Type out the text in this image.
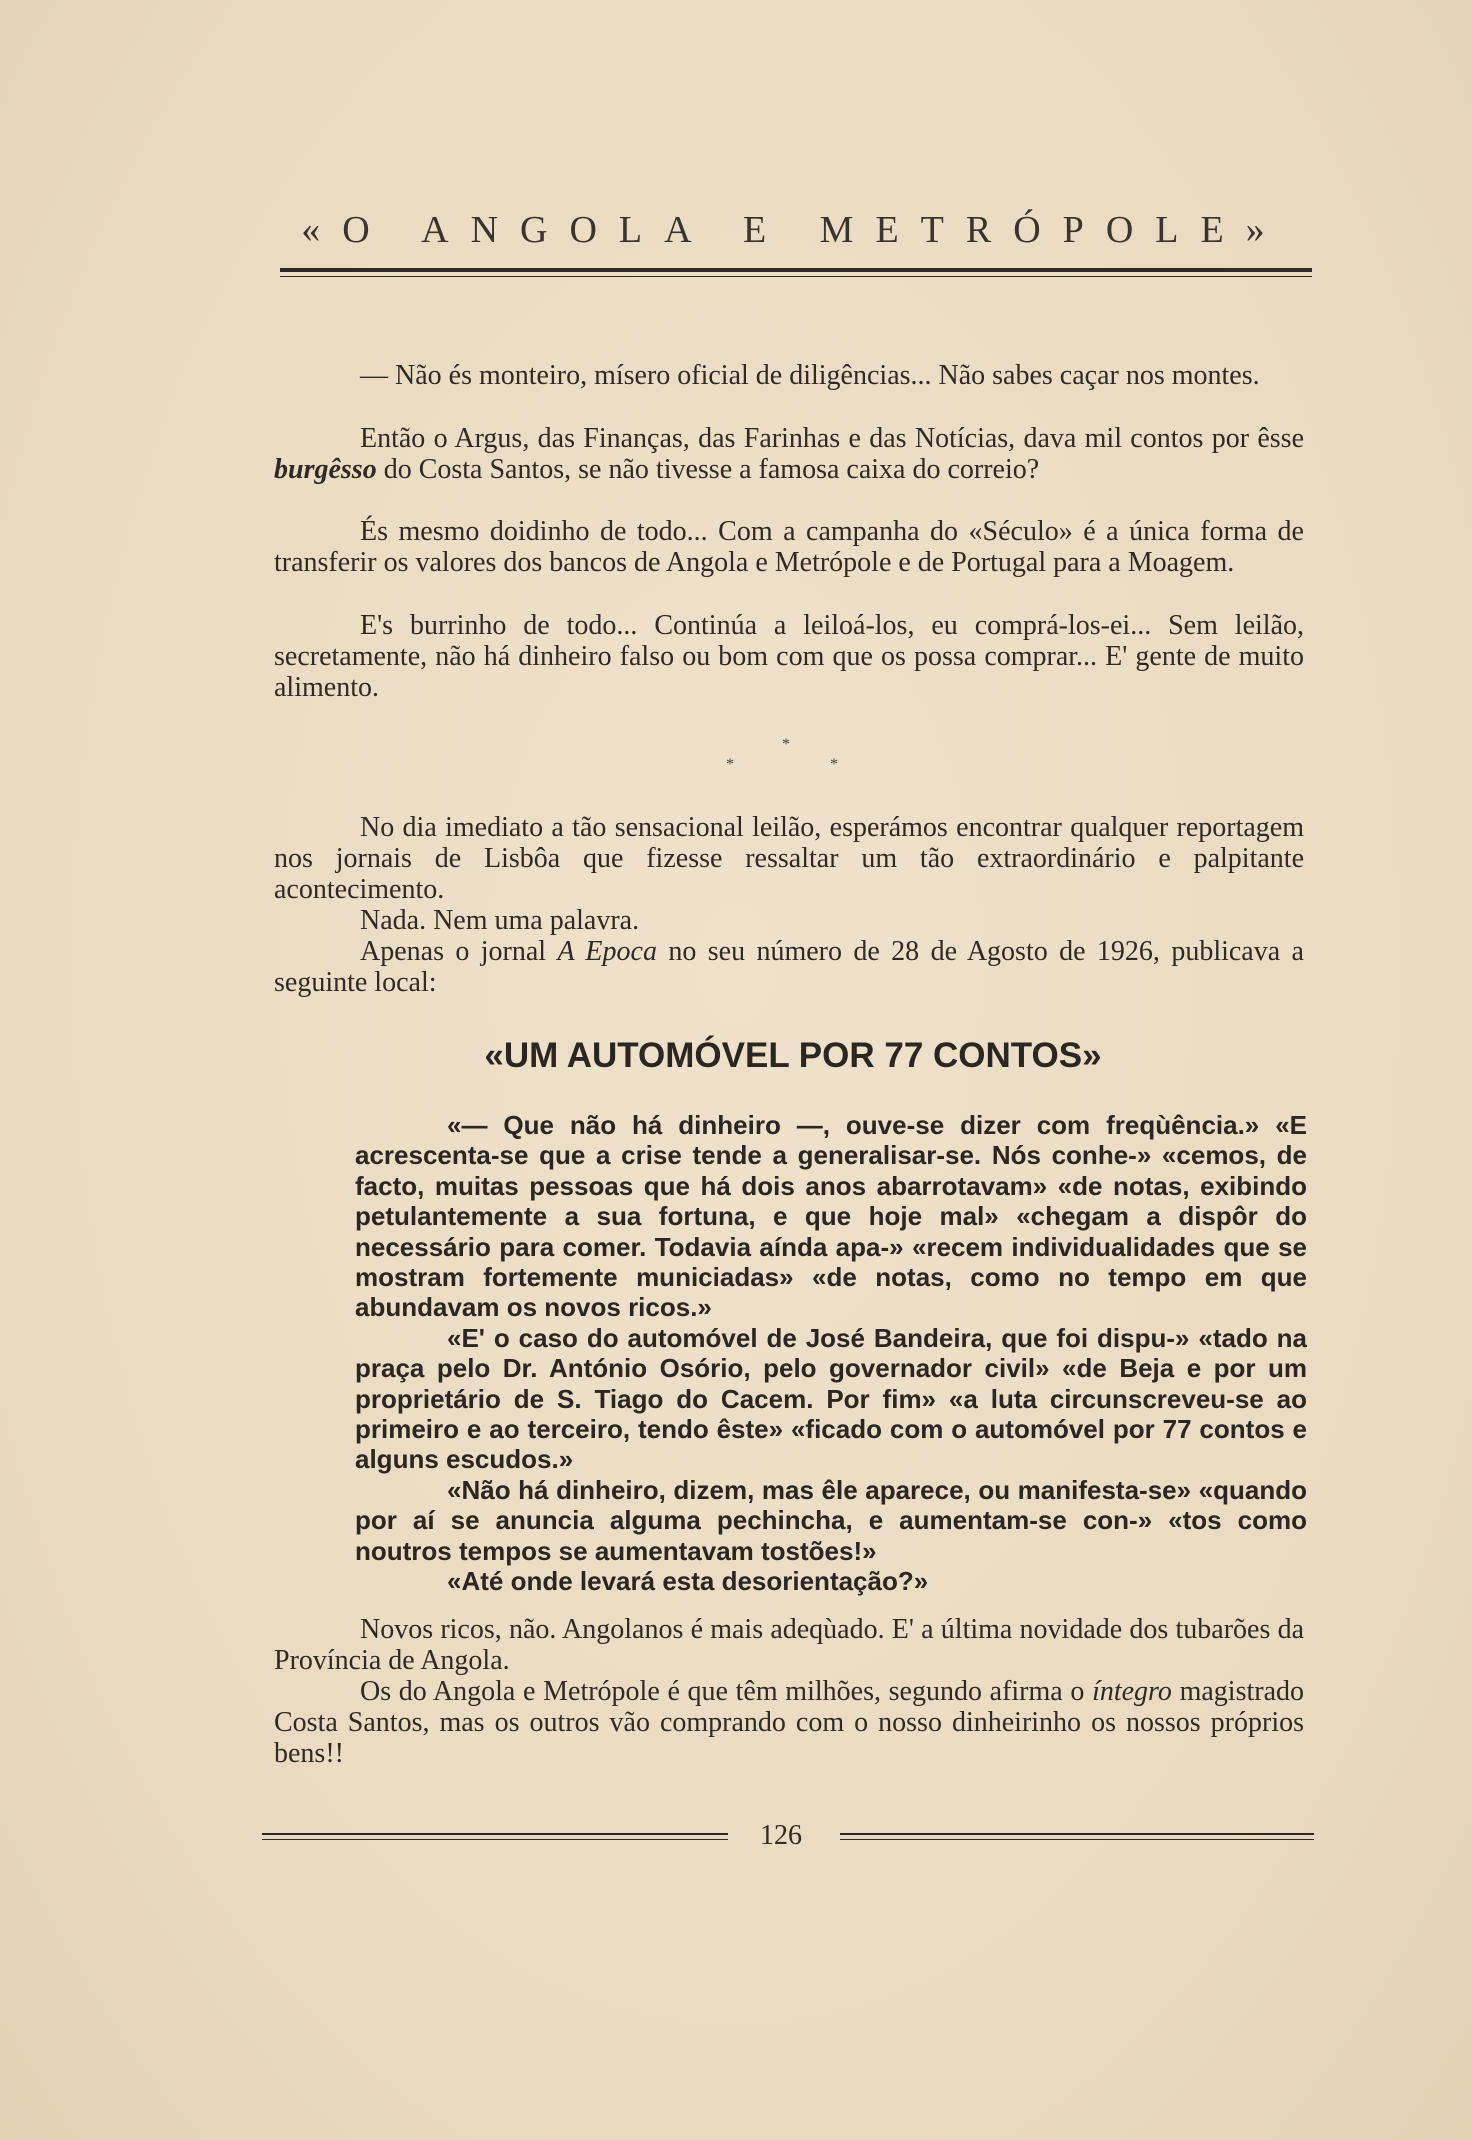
«O ANGOLA E METRÓPOLE»

— Não és monteiro, mísero oficial de diligências... Não sabes caçar nos montes.

Então o Argus, das Finanças, das Farinhas e das Notícias, dava mil contos por êsse burgêsso do Costa Santos, se não tivesse a famosa caixa do correio?

És mesmo doidinho de todo... Com a campanha do «Século» é a única forma de transferir os valores dos bancos de Angola e Metrópole e de Portugal para a Moagem.

E's burrinho de todo... Continúa a leiloá-los, eu comprá-los-ei... Sem leilão, secretamente, não há dinheiro falso ou bom com que os possa comprar... E' gente de muito alimento.

*
*	*

No dia imediato a tão sensacional leilão, esperámos encontrar qualquer reportagem nos jornais de Lisbôa que fizesse ressaltar um tão extraordinário e palpitante acontecimento.

Nada. Nem uma palavra.

Apenas o jornal A Epoca no seu número de 28 de Agosto de 1926, publicava a seguinte local:

«UM AUTOMÓVEL POR 77 CONTOS»

«— Que não há dinheiro —, ouve-se dizer com freqùência.» «E acrescenta-se que a crise tende a generalisar-se. Nós conhe-» «cemos, de facto, muitas pessoas que há dois anos abarrotavam» «de notas, exibindo petulantemente a sua fortuna, e que hoje mal» «chegam a dispôr do necessário para comer. Todavia aínda apa-» «recem individualidades que se mostram fortemente municiadas» «de notas, como no tempo em que abundavam os novos ricos.»

«E' o caso do automóvel de José Bandeira, que foi dispu-» «tado na praça pelo Dr. António Osório, pelo governador civil» «de Beja e por um proprietário de S. Tiago do Cacem. Por fim» «a luta circunscreveu-se ao primeiro e ao terceiro, tendo êste» «ficado com o automóvel por 77 contos e alguns escudos.»

«Não há dinheiro, dizem, mas êle aparece, ou manifesta-se» «quando por aí se anuncia alguma pechincha, e aumentam-se con-» «tos como noutros tempos se aumentavam tostões!»

«Até onde levará esta desorientação?»

Novos ricos, não. Angolanos é mais adeqùado. E' a última novidade dos tubarões da Província de Angola.

Os do Angola e Metrópole é que têm milhões, segundo afirma o íntegro magistrado Costa Santos, mas os outros vão comprando com o nosso dinheirinho os nossos próprios bens!!

126
